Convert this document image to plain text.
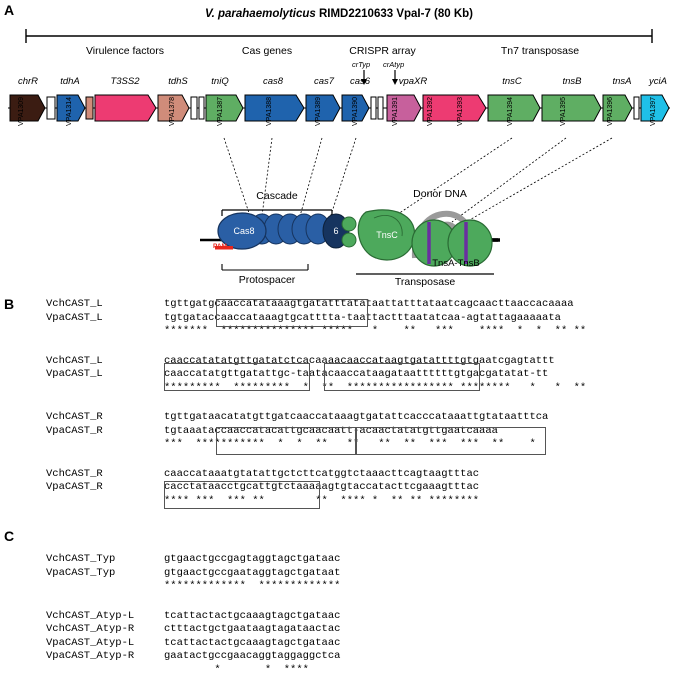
A
B
C
V. parahaemolyticus RIMD2210633 VpaI-7 (80 Kb)
Virulence factors	Cas genes	CRISPR array	Tn7 transposase
crTyp crAtyp
chrR	tdhA	T3SS2	tdhS	tniQ	cas8	cas7	cas6	vpaXR	tnsC	tnsB	tnsA	yciA
VPA1309	VPA1314	VPA1378	VPA1387	VPA1388	VPA1389	VPA1390	VPA1391	VPA1392	VPA1393	VPA1394	VPA1395	VPA1396	VPA1397
Cascade	Donor DNA
Cas8	6	TnsC
TnsA-TnsB
Protospacer	Transposase
PAM
VchCAST_L	tgttgatgcaaccatataaagtgatatttatataattatttataatcagcaacttaaccacaaaa
VpaCAST_L	tgtgataccaaccataaagtgcatttta-taattactttaatatcaa-agtattagaaaaata
*******  *************** *****   *    **   ***    ****  *  *  ** **
VchCAST_L	caaccatatatgttgatatctcacaaaacaaccataagtgatattttgtgaatcgagtattt
VpaCAST_L	caaccatatgttgatattgc-taatacaaccataagataattttttgtgacgatatat-tt
*********  *********  *  **  ***************** ********   *   *  **
VchCAST_R	tgttgataacatatgttgatcaaccataaagtgatattcacccataaattgtataatttca
VpaCAST_R	tgtaaataccaaccatacattgcaacaatt-acaactatatgttgaatcaaaa
***  ***********  *  *  **   **   **  **  ***  ***  **    *
VchCAST_R	caaccataaatgtatattgctcttcatggtctaaacttcagtaagtttac
VpaCAST_R	cacctataacctgcattgtctaaaaagtgtaccatacttcgaaagtttac
**** ***  *** **        **  **** *  ** ** ********
VchCAST_Typ	gtgaactgccgagtaggtagctgataac
VpaCAST_Typ	gtgaactgccgaataggtagctgataat
*************  *************
VchCAST_Atyp-L	tcattactactgcaaagtagctgataac
VchCAST_Atyp-R	ctttactgctgaataagtagataactac
VpaCAST_Atyp-L	tcattactactgcaaagtagctgataac
VpaCAST_Atyp-R	gaatactgccgaacaggtaggaggctca
*       *  ****
